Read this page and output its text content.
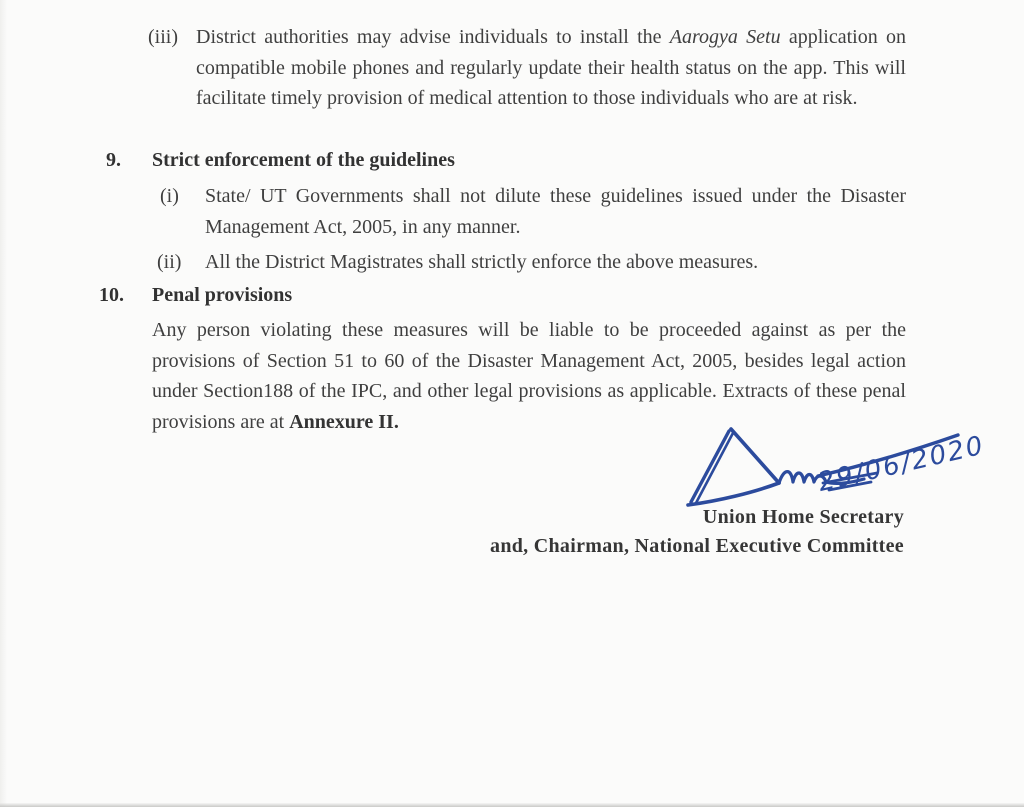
(iii) District authorities may advise individuals to install the Aarogya Setu application on compatible mobile phones and regularly update their health status on the app. This will facilitate timely provision of medical attention to those individuals who are at risk.
9.	Strict enforcement of the guidelines
(i)	State/ UT Governments shall not dilute these guidelines issued under the Disaster Management Act, 2005, in any manner.
(ii)	All the District Magistrates shall strictly enforce the above measures.
10.	Penal provisions
Any person violating these measures will be liable to be proceeded against as per the provisions of Section 51 to 60 of the Disaster Management Act, 2005, besides legal action under Section188 of the IPC, and other legal provisions as applicable. Extracts of these penal provisions are at Annexure II.
29/06/2020
Union Home Secretary
and, Chairman, National Executive Committee
